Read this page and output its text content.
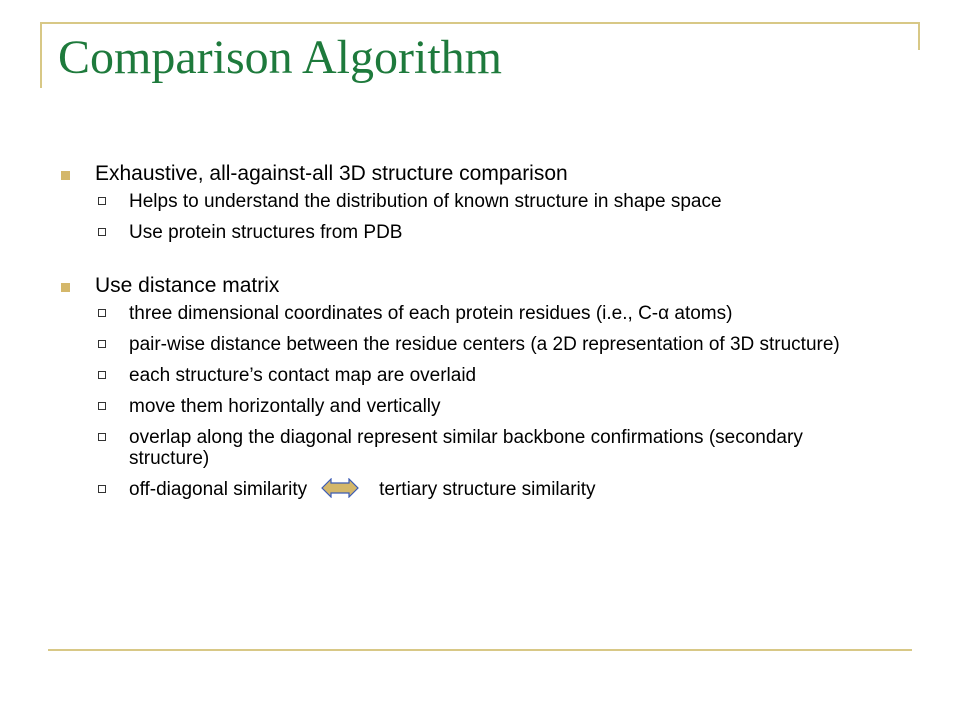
Comparison Algorithm

Exhaustive, all-against-all 3D structure comparison

Helps to understand the distribution of known structure in shape space

Use protein structures from PDB

Use distance matrix

three dimensional coordinates of each protein residues (i.e., C-α atoms)

pair-wise distance between the residue centers (a 2D representation of 3D structure)

each structure’s contact map are overlaid

move them horizontally and vertically

overlap along the diagonal represent similar backbone confirmations (secondary structure)

off-diagonal similarity	tertiary structure similarity
